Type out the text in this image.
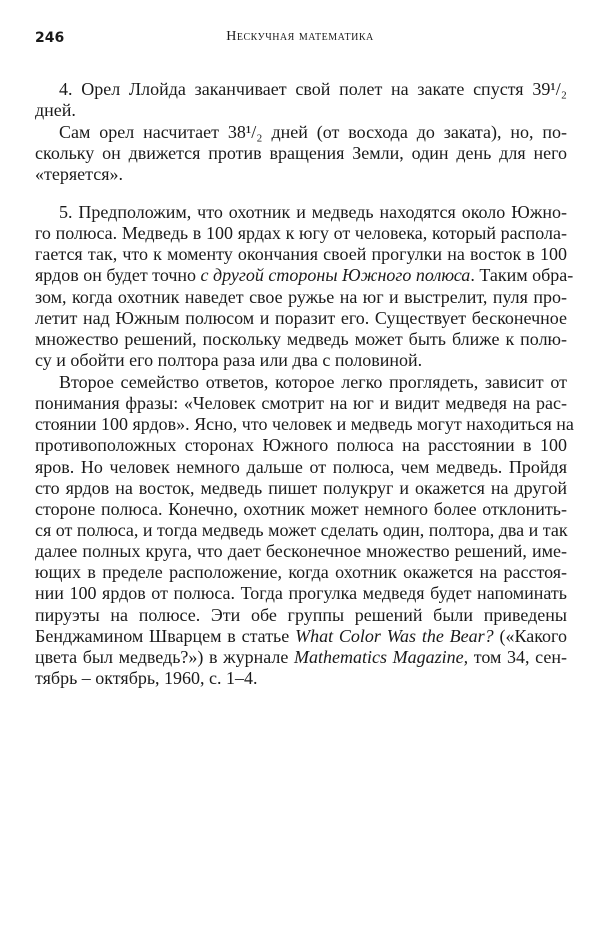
246	Нескучная математика
4. Орел Ллойда заканчивает свой полет на закате спустя 39¹/₂
дней.
Сам орел насчитает 38¹/₂ дней (от восхода до заката), но, по-
скольку он движется против вращения Земли, один день для него
«теряется».
5. Предположим, что охотник и медведь находятся около Южно-
го полюса. Медведь в 100 ярдах к югу от человека, который распола-
гается так, что к моменту окончания своей прогулки на восток в 100
ярдов он будет точно с другой стороны Южного полюса. Таким обра-
зом, когда охотник наведет свое ружье на юг и выстрелит, пуля про-
летит над Южным полюсом и поразит его. Существует бесконечное
множество решений, поскольку медведь может быть ближе к полю-
су и обойти его полтора раза или два с половиной.
Второе семейство ответов, которое легко проглядеть, зависит от
понимания фразы: «Человек смотрит на юг и видит медведя на рас-
стоянии 100 ярдов». Ясно, что человек и медведь могут находиться на
противоположных сторонах Южного полюса на расстоянии в 100
яров. Но человек немного дальше от полюса, чем медведь. Пройдя
сто ярдов на восток, медведь пишет полукруг и окажется на другой
стороне полюса. Конечно, охотник может немного более отклонить-
ся от полюса, и тогда медведь может сделать один, полтора, два и так
далее полных круга, что дает бесконечное множество решений, име-
ющих в пределе расположение, когда охотник окажется на расстоя-
нии 100 ярдов от полюса. Тогда прогулка медведя будет напоминать
пируэты на полюсе. Эти обе группы решений были приведены
Бенджамином Шварцем в статье What Color Was the Bear? («Какого
цвета был медведь?») в журнале Mathematics Magazine, том 34, сен-
тябрь – октябрь, 1960, с. 1–4.
